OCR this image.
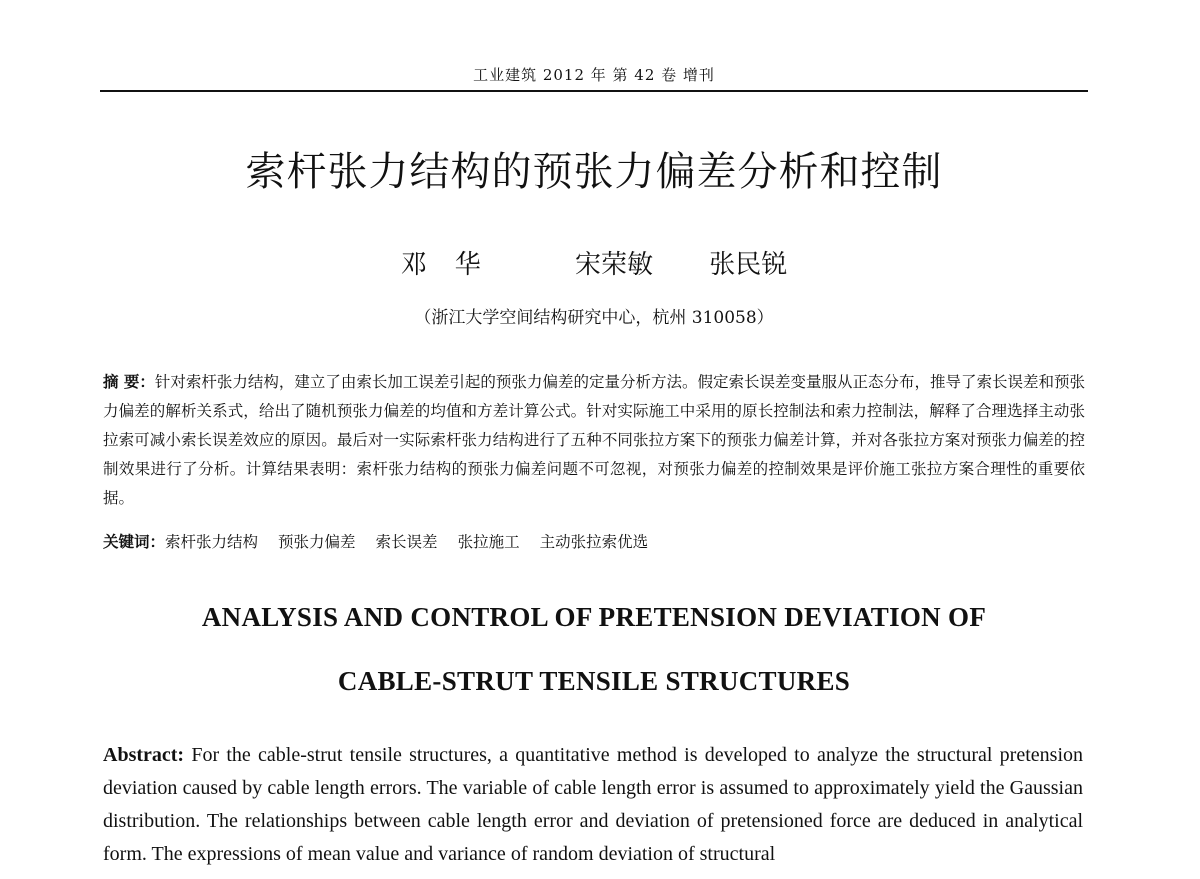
工业建筑 2012 年 第 42 卷 增刊
索杆张力结构的预张力偏差分析和控制
邓华	宋荣敏 张民锐
（浙江大学空间结构研究中心，杭州 310058）

摘 要：针对索杆张力结构，建立了由索长加工误差引起的预张力偏差的定量分析方法。假定索长误差变量服从正态分布，推导了索长误差和预张力偏差的解析关系式，给出了随机预张力偏差的均值和方差计算公式。针对实际施工中采用的原长控制法和索力控制法，解释了合理选择主动张拉索可减小索长误差效应的原因。最后对一实际索杆张力结构进行了五种不同张拉方案下的预张力偏差计算，并对各张拉方案对预张力偏差的控制效果进行了分析。计算结果表明：索杆张力结构的预张力偏差问题不可忽视，对预张力偏差的控制效果是评价施工张拉方案合理性的重要依据。

关键词：索杆张力结构 预张力偏差 索长误差 张拉施工 主动张拉索优选
ANALYSIS AND CONTROL OF PRETENSION DEVIATION OF
CABLE-STRUT TENSILE STRUCTURES

Abstract: For the cable-strut tensile structures, a quantitative method is developed to analyze the structural pretension deviation caused by cable length errors. The variable of cable length error is assumed to approximately yield the Gaussian distribution. The relationships between cable length error and deviation of pretensioned force are deduced in analytical form. The expressions of mean value and variance of random deviation of structural
